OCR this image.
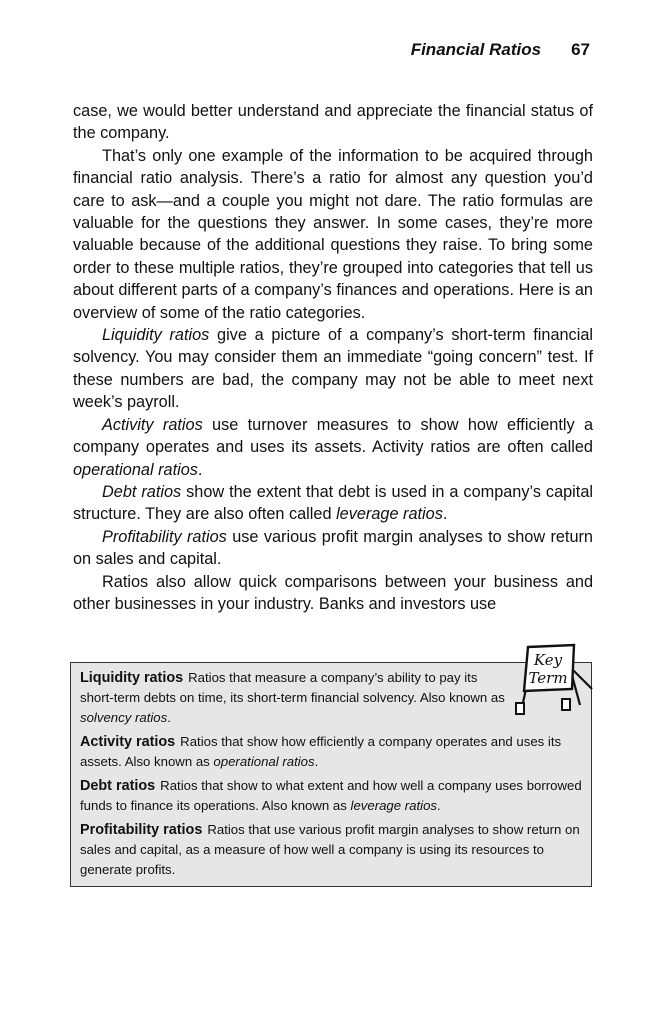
Financial Ratios 67

case, we would better understand and appreciate the financial status of the company.

That’s only one example of the information to be acquired through financial ratio analysis. There’s a ratio for almost any question you’d care to ask—and a couple you might not dare. The ratio formulas are valuable for the questions they answer. In some cases, they’re more valuable because of the additional questions they raise. To bring some order to these multiple ratios, they’re grouped into categories that tell us about different parts of a company’s finances and operations. Here is an overview of some of the ratio categories.

Liquidity ratios give a picture of a company’s short-term financial solvency. You may consider them an immediate “going concern” test. If these numbers are bad, the company may not be able to meet next week’s payroll.

Activity ratios use turnover measures to show how efficiently a company operates and uses its assets. Activity ratios are often called operational ratios.

Debt ratios show the extent that debt is used in a company’s capital structure. They are also often called leverage ratios.

Profitability ratios use various profit margin analyses to show return on sales and capital.

Ratios also allow quick comparisons between your business and other businesses in your industry. Banks and investors use

Liquidity ratios Ratios that measure a company’s ability to pay its short-term debts on time, its short-term financial solvency. Also known as solvency ratios.

Activity ratios Ratios that show how efficiently a company operates and uses its assets. Also known as operational ratios.

Debt ratios Ratios that show to what extent and how well a company uses borrowed funds to finance its operations. Also known as leverage ratios.

Profitability ratios Ratios that use various profit margin analyses to show return on sales and capital, as a measure of how well a company is using its resources to generate profits.

Key
Term
